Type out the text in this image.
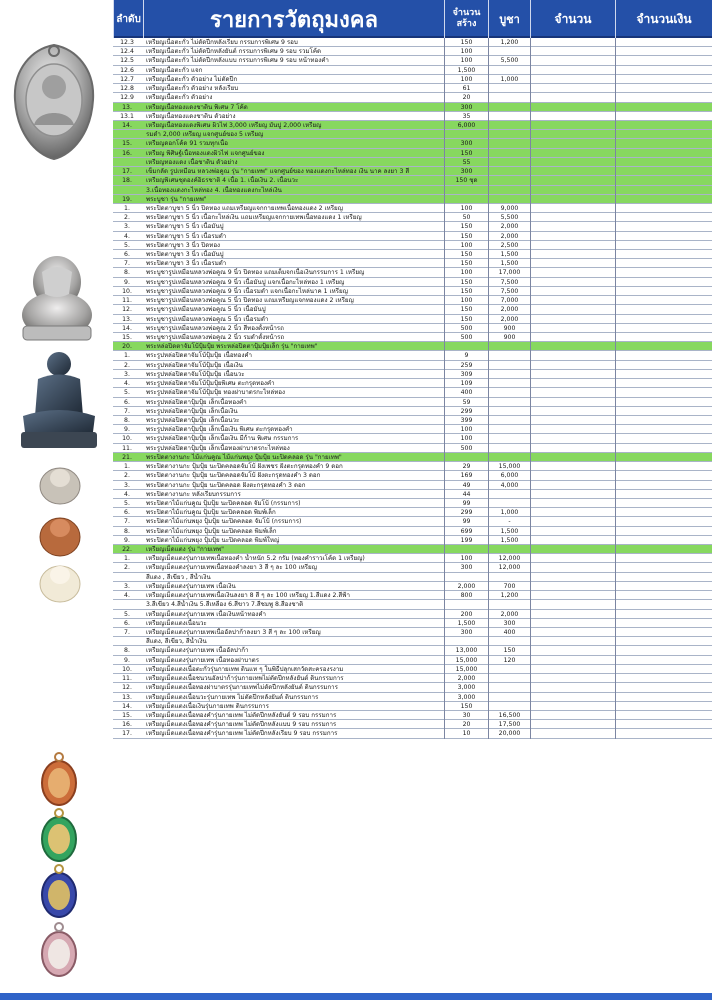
ลำดับ	รายการวัตถุมงคล	จำนวนสร้าง	บูชา	จำนวน	จำนวนเงิน
12.3	เหรียญเนื้อตะกั่ว ไม่ตัดปีกหลังเรียบ กรรมการพิเศษ 9 รอบ	150	1,200
12.4	เหรียญเนื้อตะกั่ว ไม่ตัดปีกหลังยันต์ กรรมการพิเศษ 9 รอบ รวมโค้ด	100
12.5	เหรียญเนื้อตะกั่ว ไม่ตัดปีกหลังแบบ กรรมการพิเศษ 9 รอบ หน้าทองคำ	100	5,500
12.6	เหรียญเนื้อตะกั่ว แจก	1,500
12.7	เหรียญเนื้อตะกั่ว ตัวอย่าง ไม่ตัดปีก	100	1,000
12.8	เหรียญเนื้อตะกั่ว ตัวอย่าง หลังเรียบ	61
12.9	เหรียญเนื้อตะกั่ว ตัวอย่าง	20
13.	เหรียญเนื้อทองแดงชาติน พิเศษ 7 โค้ด	300
13.1	เหรียญเนื้อทองแดงชาติน ตัวอย่าง	35
14.	เหรียญเนื้อทองแดงพิเศษ ผิวไฟ 3,000 เหรียญ มันปู 2,000 เหรียญ	6,000
รมดำ 2,000 เหรียญ แจกศูนย์ของ 5 เหรียญ
15.	เหรียญดอกโค้ด 91 รวมทุกเนื้อ	300
16.	เหรียญ พิศิษฐ์เนื้อทองแดงผิวไฟ แจกศูนย์ของ	150
เหรียญทองแดง เนื้อชาติน ตัวอย่าง	55
17.	เข็มกลัด รูปเหมือน หลวงพ่อคูณ รุ่น "กายเทพ" แจกศูนย์ของ ทองแดงกะไหล่ทอง เงิน นาค ลงยา 3 สี	300
18.	เหรียญพิเศษชุดองค์อิธรชาติ 4 เนื้อ 1. เนื้อเงิน 2. เนื้อนวะ	150 ชุด
3.เนื้อทองแดงกะไหล่ทอง 4. เนื้อทองแดงกะไหล่เงิน
19.	พระบูชา รุ่น "กายเทพ"
1.	พระปิดตาบูชา 5 นิ้ว ปิดทอง แถมเหรียญแจกกายเทพเนื้อทองแดง 2 เหรียญ	100	9,000
2.	พระปิดตาบูชา 5 นิ้ว เนื้อกะไหล่เงิน แถมเหรียญแจกกายเทพเนื้อทองแดง 1 เหรียญ	50	5,500
3.	พระปิดตาบูชา 5 นิ้ว เนื้อมันปู	150	2,000
4.	พระปิดตาบูชา 5 นิ้ว เนื้อรมดำ	150	2,000
5.	พระปิดตาบูชา 3 นิ้ว ปิดทอง	100	2,500
6.	พระปิดตาบูชา 3 นิ้ว เนื้อมันปู	150	1,500
7.	พระปิดตาบูชา 3 นิ้ว เนื้อรมดำ	150	1,500
8.	พระบูชารูปเหมือนหลวงพ่อคูณ 9 นิ้ว ปิดทอง แถมเต็มจกเนื้อเงินกรรมการ 1 เหรียญ	100	17,000
9.	พระบูชารูปเหมือนหลวงพ่อคูณ 9 นิ้ว เนื้อมันปู แจกเนื้อกะไหล่ทอง 1 เหรียญ	150	7,500
10.	พระบูชารูปเหมือนหลวงพ่อคูณ 9 นิ้ว เนื้อรมดำ แจกเนื้อกะไหล่นาค 1 เหรียญ	150	7,500
11.	พระบูชารูปเหมือนหลวงพ่อคูณ 5 นิ้ว ปิดทอง แถมเหรียญแจกทองแดง 2 เหรียญ	100	7,000
12.	พระบูชารูปเหมือนหลวงพ่อคูณ 5 นิ้ว เนื้อมันปู	150	2,000
13.	พระบูชารูปเหมือนหลวงพ่อคูณ 5 นิ้ว เนื้อรมดำ	150	2,000
14.	พระบูชารูปเหมือนหลวงพ่อคูณ 2 นิ้ว สีทองตั้งหน้ารถ	500	900
15.	พระบูชารูปเหมือนหลวงพ่อคูณ 2 นิ้ว รมดำตั้งหน้ารถ	500	900
20.	พระหล่อปิดตาจัมโบ้ปุ้มปุ้ย พระหล่อปิดตาปุ้มปุ้ยเล็ก รุ่น "กายเทพ"
1.	พระรูปหล่อปิดตาจัมโบ้ปุ้มปุ้ย เนื้อทองคำ	9
2.	พระรูปหล่อปิดตาจัมโบ้ปุ้มปุ้ย เนื้อเงิน	259
3.	พระรูปหล่อปิดตาจัมโบ้ปุ้มปุ้ย เนื้อนวะ	309
4.	พระรูปหล่อปิดตาจัมโบ้ปุ้มปุ้ยพิเศษ ตะกรุดทองคำ	109
5.	พระรูปหล่อปิดตาจัมโบ้ปุ้มปุ้ย ทองฝาบาตรกะไหล่ทอง	400
6.	พระรูปหล่อปิดตาปุ้มปุ้ย เล็กเนื้อทองคำ	59
7.	พระรูปหล่อปิดตาปุ้มปุ้ย เล็กเนื้อเงิน	299
8.	พระรูปหล่อปิดตาปุ้มปุ้ย เล็กเนื้อนวะ	399
9.	พระรูปหล่อปิดตาปุ้มปุ้ย เล็กเนื้อเงิน พิเศษ ตะกรุดทองคำ	100
10.	พระรูปหล่อปิดตาปุ้มปุ้ย เล็กเนื้อเงิน มีก้าน พิเศษ กรรมการ	100
11.	พระรูปหล่อปิดตาปุ้มปุ้ย เล็กเนื้อทองฝาบาตรกะไหล่ทอง	500
21.	พระปิดตางานกะ ไม้แก่นคูณ ไม้แก่นพยุง ปุ้มปุ้ย นะปิดคลอด รุ่น "กายเทพ"
1.	พระปิดตางานกะ ปุ้มปุ้ย นะปิดคลอดจัมโบ้ ฝังเพชร ฝังตะกรุดทองคำ 9 ดอก	29	15,000
2.	พระปิดตางานกะ ปุ้มปุ้ย นะปิดคลอดจัมโบ้ ฝังตะกรุดทองคำ 3 ดอก	169	6,000
3.	พระปิดตางานกะ ปุ้มปุ้ย นะปิดคลอด ฝังตะกรุดทองคำ 3 ดอก	49	4,000
4.	พระปิดตางานกะ หลังเรียบกรรมการ	44
5.	พระปิดตาไม้แก่นคูณ ปุ้มปุ้ย นะปิดคลอด จัมโบ้ (กรรมการ)	99
6.	พระปิดตาไม้แก่นคูณ ปุ้มปุ้ย นะปิดคลอด พิมพ์เล็ก	299	1,000
7.	พระปิดตาไม้แก่นพยุง ปุ้มปุ้ย นะปิดคลอด จัมโบ้ (กรรมการ)	99	-
8.	พระปิดตาไม้แก่นพยุง ปุ้มปุ้ย นะปิดคลอด พิมพ์เล็ก	699	1,500
9.	พระปิดตาไม้แก่นพยุง ปุ้มปุ้ย นะปิดคลอด พิมพ์ใหญ่	199	1,500
22.	เหรียญเม็ดแตง รุ่น "กายเทพ"
1.	เหรียญเม็ดแตงรุ่นกายเทพเนื้อทองคำ น้ำหนัก 5.2 กรัม (ทองคำราวเโค้ด 1 เหรียญ)	100	12,000
2.	เหรียญเม็ดแตงรุ่นกายเทพเนื้อทองคำลงยา 3 สี ๆ ละ 100 เหรียญ	300	12,000
สีแดง , สีเขียว , สีน้ำเงิน
3.	เหรียญเม็ดแตงรุ่นกายเทพ เนื้อเงิน	2,000	700
4.	เหรียญเม็ดแตงรุ่นกายเทพเนื้อเงินลงยา 8 สี ๆ ละ 100 เหรียญ 1.สีแดง 2.สีฟ้า	800	1,200
3.สีเขียว 4.สีน้ำเงิน 5.สีเหลือง 6.สีขาว 7.สีชมพู 8.สีองชาติ
5.	เหรียญเม็ดแตงรุ่นกายเทพ เนื้อเงินหน้าทองคำ	200	2,000
6.	เหรียญเม็ดแตงเนื้อนวะ	1,500	300
7.	เหรียญเม็ดแตงรุ่นกายเทพเนื้ออัลปาก้าลงยา 3 สี ๆ ละ 100 เหรียญ	300	400
สีแดง, สีเขียว, สีน้ำเงิน
8.	เหรียญเม็ดแตงรุ่นกายเทพ เนื้ออัลปาก้า	13,000	150
9.	เหรียญเม็ดแตงรุ่นกายเทพ เนื้อทองฝาบาตร	15,000	120
10.	เหรียญเม็ดแตงเนื้อตะกั่วรุ่นกายเทพ ดินแท ๆ ในพิธีปลุกเสกวัดสะครองรงาม	15,000
11.	เหรียญเม็ดแตงเนื้อชนวนอัลปาก้ารุ่นกายเทพไม่ตัดปีกหลังยันต์ ดินกรรมการ	2,000
12.	เหรียญเม็ดแตงเนื้อทองฝาบาตรรุ่นกายเทพไม่ตัดปีกหลังยันต์ ดินกรรมการ	3,000
13.	เหรียญเม็ดแตงเนื้อนวะรุ่นกายเทพ ไม่ตัดปีกหลังยันต์ ดินกรรมการ	3,000
14.	เหรียญเม็ดแตงเนื้อเงินรุ่นกายเทพ ดินกรรมการ	150
15.	เหรียญเม็ดแตงเนื้อทองคำรุ่นกายเทพ ไม่ตัดปีกหลังยันต์ 9 รอบ กรรมการ	30	16,500
16.	เหรียญเม็ดแตงเนื้อทองคำรุ่นกายเทพ ไม่ตัดปีกหลังแบบ 9 รอบ กรรมการ	20	17,500
17.	เหรียญเม็ดแตงเนื้อทองคำรุ่นกายเทพ ไม่ตัดปีกหลังเรียบ 9 รอบ กรรมการ	10	20,000
